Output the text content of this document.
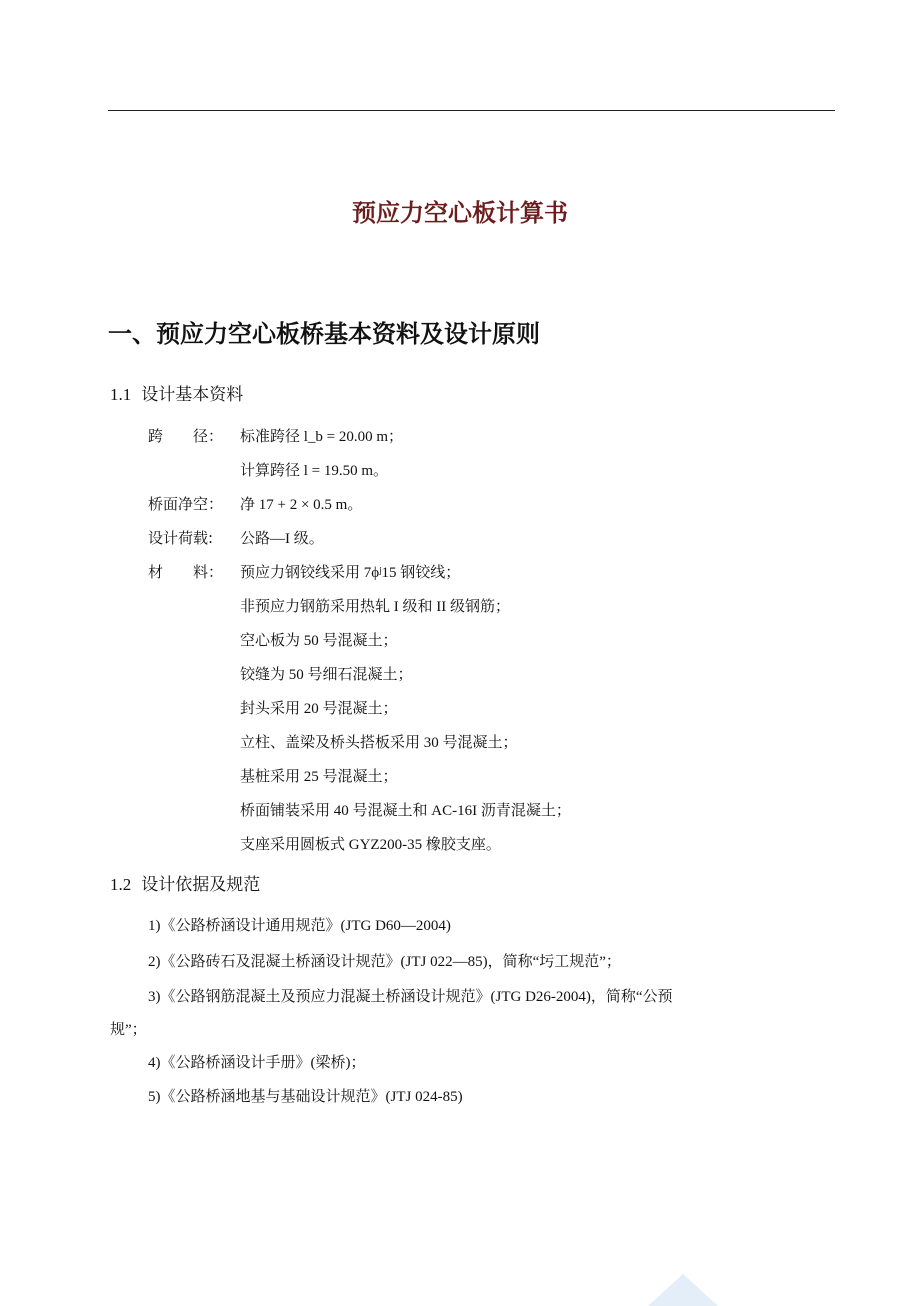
预应力空心板计算书
一、预应力空心板桥基本资料及设计原则
1.1 设计基本资料
跨　　径： 标准跨径 l_b = 20.00 m；
计算跨径 l = 19.50 m。
桥面净空： 净 17 + 2 × 0.5 m。
设计荷载: 公路—I 级。
材　　料： 预应力钢铰线采用 7ϕʲ15 钢铰线；
非预应力钢筋采用热轧 I 级和 II 级钢筋；
空心板为 50 号混凝土；
铰缝为 50 号细石混凝土；
封头采用 20 号混凝土；
立柱、盖梁及桥头搭板采用 30 号混凝土；
基桩采用 25 号混凝土；
桥面铺装采用 40 号混凝土和 AC-16I 沥青混凝土；
支座采用圆板式 GYZ200-35 橡胶支座。
1.2 设计依据及规范
1)《公路桥涵设计通用规范》(JTG D60—2004)
2)《公路砖石及混凝土桥涵设计规范》(JTJ 022—85)，简称“圬工规范”；
3)《公路钢筋混凝土及预应力混凝土桥涵设计规范》(JTG D26-2004)，简称“公预
规”；
4)《公路桥涵设计手册》(梁桥)；
5)《公路桥涵地基与基础设计规范》(JTJ 024-85)
